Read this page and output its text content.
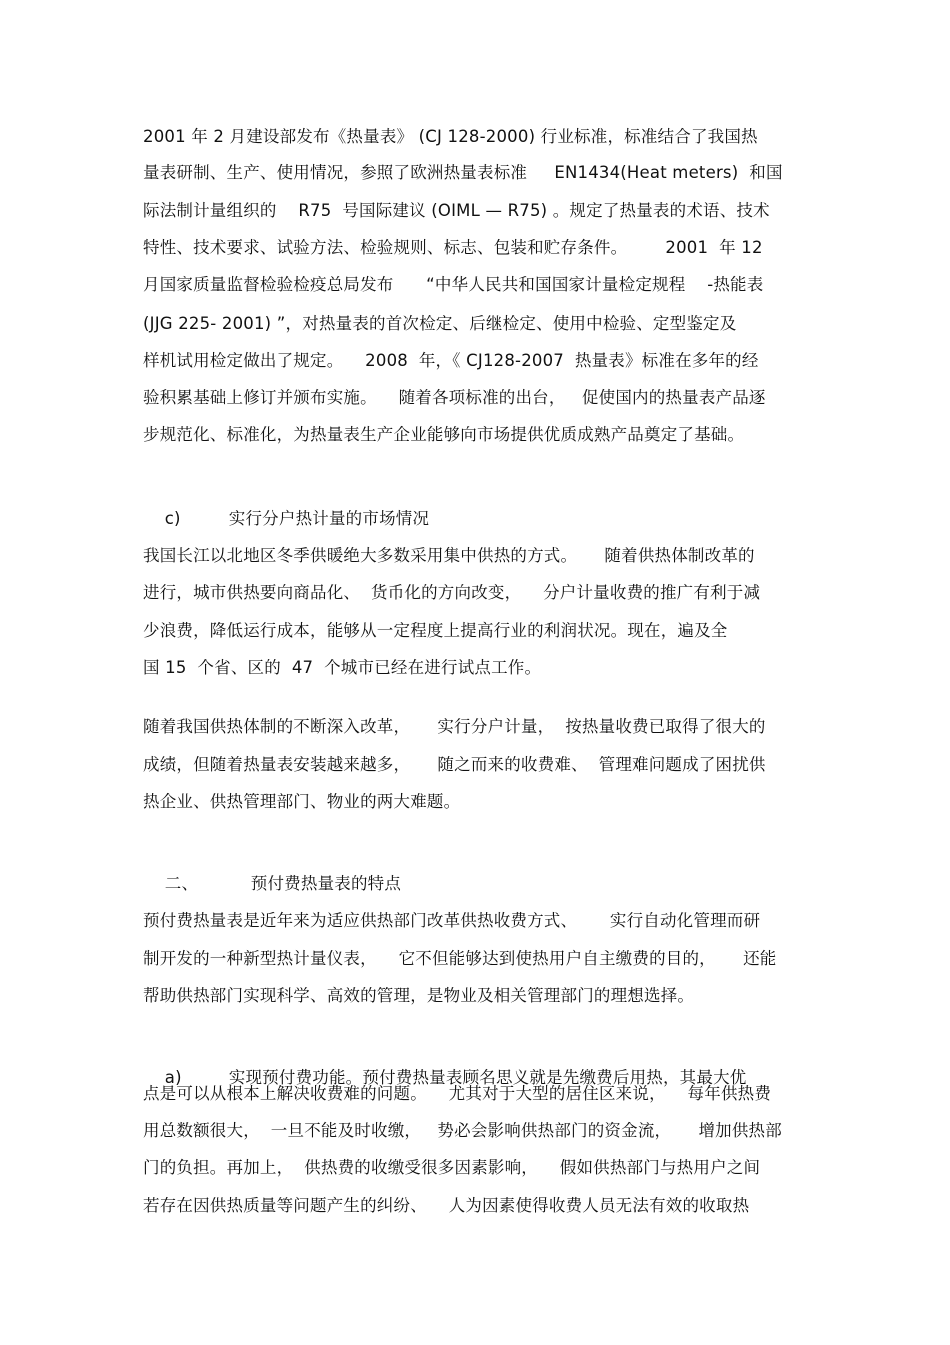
2001 年 2 月建设部发布《热量表》 (CJ 128-2000) 行业标准，标准结合了我国热
量表研制、生产、使用情况，参照了欧洲热量表标准     EN1434(Heat meters)  和国
际法制计量组织的    R75  号国际建议 (OIML — R75) 。规定了热量表的术语、技术
特性、技术要求、试验方法、检验规则、标志、包装和贮存条件。       2001  年 12
月国家质量监督检验检疫总局发布      “中华人民共和国国家计量检定规程    -热能表
(JJG 225- 2001) ”，对热量表的首次检定、后继检定、使用中检验、定型鉴定及
样机试用检定做出了规定。    2008  年，《 CJ128-2007  热量表》标准在多年的经
验积累基础上修订并颁布实施。    随着各项标准的出台，   促使国内的热量表产品逐
步规范化、标准化，为热量表生产企业能够向市场提供优质成熟产品奠定了基础。

c)	实行分户热计量的市场情况

我国长江以北地区冬季供暖绝大多数采用集中供热的方式。     随着供热体制改革的
进行，城市供热要向商品化、  货币化的方向改变，    分户计量收费的推广有利于减
少浪费，降低运行成本，能够从一定程度上提高行业的利润状况。现在，遍及全
国 15  个省、区的  47  个城市已经在进行试点工作。
随着我国供热体制的不断深入改革，     实行分户计量，  按热量收费已取得了很大的
成绩，但随着热量表安装越来越多，     随之而来的收费难、  管理难问题成了困扰供
热企业、供热管理部门、物业的两大难题。

二、	预付费热量表的特点

预付费热量表是近年来为适应供热部门改革供热收费方式、      实行自动化管理而研
制开发的一种新型热计量仪表，    它不但能够达到使热用户自主缴费的目的，     还能
帮助供热部门实现科学、高效的管理，是物业及相关管理部门的理想选择。

a)	实现预付费功能。预付费热量表顾名思义就是先缴费后用热，其最大优

点是可以从根本上解决收费难的问题。    尤其对于大型的居住区来说，    每年供热费
用总数额很大，  一旦不能及时收缴，   势必会影响供热部门的资金流，     增加供热部
门的负担。再加上，  供热费的收缴受很多因素影响，    假如供热部门与热用户之间
若存在因供热质量等问题产生的纠纷、    人为因素使得收费人员无法有效的收取热
